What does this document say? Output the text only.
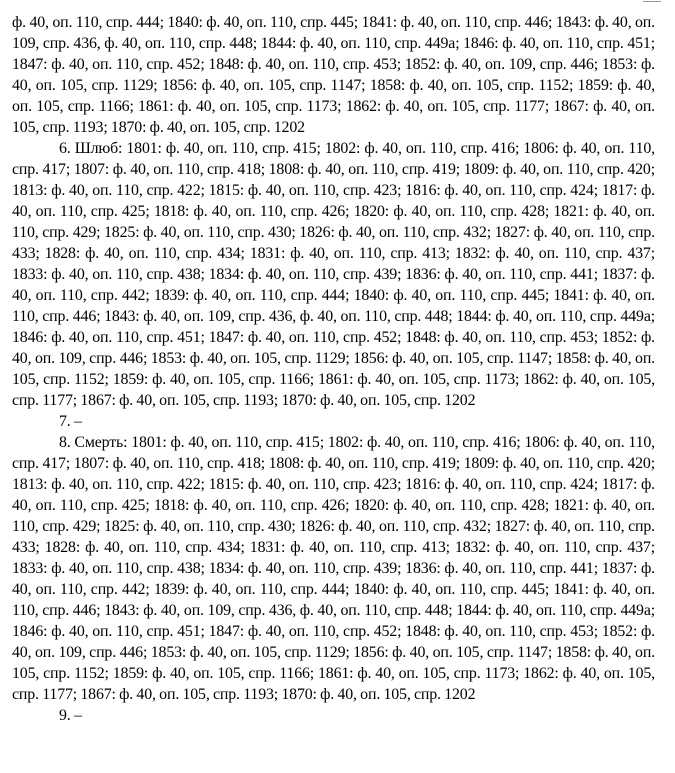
ф. 40, оп. 110, спр. 444; 1840: ф. 40, оп. 110, спр. 445; 1841: ф. 40, оп. 110, спр. 446; 1843: ф. 40, оп. 109, спр. 436, ф. 40, оп. 110, спр. 448; 1844: ф. 40, оп. 110, спр. 449а; 1846: ф. 40, оп. 110, спр. 451; 1847: ф. 40, оп. 110, спр. 452; 1848: ф. 40, оп. 110, спр. 453; 1852: ф. 40, оп. 109, спр. 446; 1853: ф. 40, оп. 105, спр. 1129; 1856: ф. 40, оп. 105, спр. 1147; 1858: ф. 40, оп. 105, спр. 1152; 1859: ф. 40, оп. 105, спр. 1166; 1861: ф. 40, оп. 105, спр. 1173; 1862: ф. 40, оп. 105, спр. 1177; 1867: ф. 40, оп. 105, спр. 1193; 1870: ф. 40, оп. 105, спр. 1202

6. Шлюб: 1801: ф. 40, оп. 110, спр. 415; 1802: ф. 40, оп. 110, спр. 416; 1806: ф. 40, оп. 110, спр. 417; 1807: ф. 40, оп. 110, спр. 418; 1808: ф. 40, оп. 110, спр. 419; 1809: ф. 40, оп. 110, спр. 420; 1813: ф. 40, оп. 110, спр. 422; 1815: ф. 40, оп. 110, спр. 423; 1816: ф. 40, оп. 110, спр. 424; 1817: ф. 40, оп. 110, спр. 425; 1818: ф. 40, оп. 110, спр. 426; 1820: ф. 40, оп. 110, спр. 428; 1821: ф. 40, оп. 110, спр. 429; 1825: ф. 40, оп. 110, спр. 430; 1826: ф. 40, оп. 110, спр. 432; 1827: ф. 40, оп. 110, спр. 433; 1828: ф. 40, оп. 110, спр. 434; 1831: ф. 40, оп. 110, спр. 413; 1832: ф. 40, оп. 110, спр. 437; 1833: ф. 40, оп. 110, спр. 438; 1834: ф. 40, оп. 110, спр. 439; 1836: ф. 40, оп. 110, спр. 441; 1837: ф. 40, оп. 110, спр. 442; 1839: ф. 40, оп. 110, спр. 444; 1840: ф. 40, оп. 110, спр. 445; 1841: ф. 40, оп. 110, спр. 446; 1843: ф. 40, оп. 109, спр. 436, ф. 40, оп. 110, спр. 448; 1844: ф. 40, оп. 110, спр. 449а; 1846: ф. 40, оп. 110, спр. 451; 1847: ф. 40, оп. 110, спр. 452; 1848: ф. 40, оп. 110, спр. 453; 1852: ф. 40, оп. 109, спр. 446; 1853: ф. 40, оп. 105, спр. 1129; 1856: ф. 40, оп. 105, спр. 1147; 1858: ф. 40, оп. 105, спр. 1152; 1859: ф. 40, оп. 105, спр. 1166; 1861: ф. 40, оп. 105, спр. 1173; 1862: ф. 40, оп. 105, спр. 1177; 1867: ф. 40, оп. 105, спр. 1193; 1870: ф. 40, оп. 105, спр. 1202

7. –

8. Смерть: 1801: ф. 40, оп. 110, спр. 415; 1802: ф. 40, оп. 110, спр. 416; 1806: ф. 40, оп. 110, спр. 417; 1807: ф. 40, оп. 110, спр. 418; 1808: ф. 40, оп. 110, спр. 419; 1809: ф. 40, оп. 110, спр. 420; 1813: ф. 40, оп. 110, спр. 422; 1815: ф. 40, оп. 110, спр. 423; 1816: ф. 40, оп. 110, спр. 424; 1817: ф. 40, оп. 110, спр. 425; 1818: ф. 40, оп. 110, спр. 426; 1820: ф. 40, оп. 110, спр. 428; 1821: ф. 40, оп. 110, спр. 429; 1825: ф. 40, оп. 110, спр. 430; 1826: ф. 40, оп. 110, спр. 432; 1827: ф. 40, оп. 110, спр. 433; 1828: ф. 40, оп. 110, спр. 434; 1831: ф. 40, оп. 110, спр. 413; 1832: ф. 40, оп. 110, спр. 437; 1833: ф. 40, оп. 110, спр. 438; 1834: ф. 40, оп. 110, спр. 439; 1836: ф. 40, оп. 110, спр. 441; 1837: ф. 40, оп. 110, спр. 442; 1839: ф. 40, оп. 110, спр. 444; 1840: ф. 40, оп. 110, спр. 445; 1841: ф. 40, оп. 110, спр. 446; 1843: ф. 40, оп. 109, спр. 436, ф. 40, оп. 110, спр. 448; 1844: ф. 40, оп. 110, спр. 449а; 1846: ф. 40, оп. 110, спр. 451; 1847: ф. 40, оп. 110, спр. 452; 1848: ф. 40, оп. 110, спр. 453; 1852: ф. 40, оп. 109, спр. 446; 1853: ф. 40, оп. 105, спр. 1129; 1856: ф. 40, оп. 105, спр. 1147; 1858: ф. 40, оп. 105, спр. 1152; 1859: ф. 40, оп. 105, спр. 1166; 1861: ф. 40, оп. 105, спр. 1173; 1862: ф. 40, оп. 105, спр. 1177; 1867: ф. 40, оп. 105, спр. 1193; 1870: ф. 40, оп. 105, спр. 1202

9. –
